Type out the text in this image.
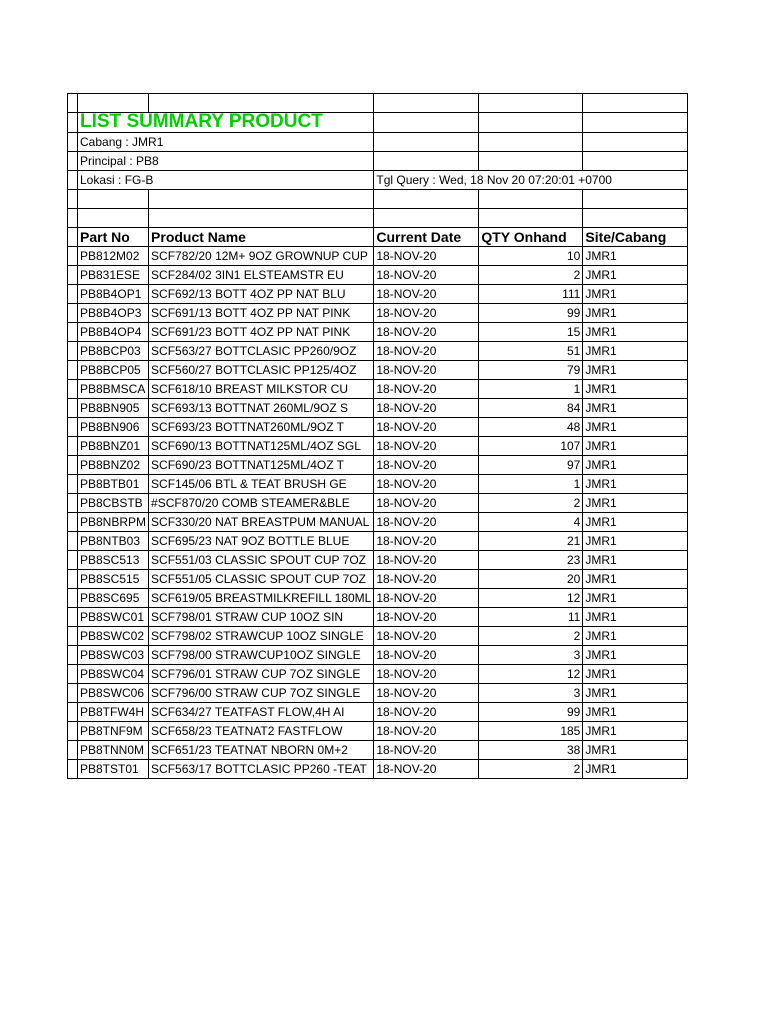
	LIST SUMMARY PRODUCT				
	Cabang : JMR1				
	Principal : PB8				
	Lokasi : FG-B		Tgl Query : Wed, 18 Nov 20 07:20:01 +0700		

	Part No	Product Name	Current Date	QTY Onhand	Site/Cabang
	PB812M02	SCF782/20 12M+ 9OZ GROWNUP CUP	18-NOV-20	10	JMR1
	PB831ESE	SCF284/02 3IN1 ELSTEAMSTR EU	18-NOV-20	2	JMR1
	PB8B4OP1	SCF692/13 BOTT 4OZ PP NAT BLU	18-NOV-20	111	JMR1
	PB8B4OP3	SCF691/13 BOTT 4OZ PP NAT PINK	18-NOV-20	99	JMR1
	PB8B4OP4	SCF691/23 BOTT 4OZ PP NAT PINK	18-NOV-20	15	JMR1
	PB8BCP03	SCF563/27 BOTTCLASIC PP260/9OZ	18-NOV-20	51	JMR1
	PB8BCP05	SCF560/27 BOTTCLASIC PP125/4OZ	18-NOV-20	79	JMR1
	PB8BMSCA	SCF618/10 BREAST MILKSTOR CU	18-NOV-20	1	JMR1
	PB8BN905	SCF693/13 BOTTNAT 260ML/9OZ S	18-NOV-20	84	JMR1
	PB8BN906	SCF693/23 BOTTNAT260ML/9OZ T	18-NOV-20	48	JMR1
	PB8BNZ01	SCF690/13 BOTTNAT125ML/4OZ SGL	18-NOV-20	107	JMR1
	PB8BNZ02	SCF690/23 BOTTNAT125ML/4OZ T	18-NOV-20	97	JMR1
	PB8BTB01	SCF145/06 BTL & TEAT BRUSH GE	18-NOV-20	1	JMR1
	PB8CBSTB	#SCF870/20 COMB STEAMER&BLE	18-NOV-20	2	JMR1
	PB8NBRPM	SCF330/20 NAT BREASTPUM MANUAL	18-NOV-20	4	JMR1
	PB8NTB03	SCF695/23 NAT 9OZ BOTTLE BLUE	18-NOV-20	21	JMR1
	PB8SC513	SCF551/03 CLASSIC SPOUT CUP 7OZ	18-NOV-20	23	JMR1
	PB8SC515	SCF551/05 CLASSIC SPOUT CUP 7OZ	18-NOV-20	20	JMR1
	PB8SC695	SCF619/05 BREASTMILKREFILL 180ML	18-NOV-20	12	JMR1
	PB8SWC01	SCF798/01 STRAW CUP 10OZ SIN	18-NOV-20	11	JMR1
	PB8SWC02	SCF798/02 STRAWCUP 10OZ SINGLE	18-NOV-20	2	JMR1
	PB8SWC03	SCF798/00 STRAWCUP10OZ SINGLE	18-NOV-20	3	JMR1
	PB8SWC04	SCF796/01 STRAW CUP 7OZ SINGLE	18-NOV-20	12	JMR1
	PB8SWC06	SCF796/00 STRAW CUP 7OZ SINGLE	18-NOV-20	3	JMR1
	PB8TFW4H	SCF634/27 TEATFAST FLOW,4H AI	18-NOV-20	99	JMR1
	PB8TNF9M	SCF658/23 TEATNAT2 FASTFLOW	18-NOV-20	185	JMR1
	PB8TNN0M	SCF651/23 TEATNAT NBORN 0M+2	18-NOV-20	38	JMR1
	PB8TST01	SCF563/17 BOTTCLASIC PP260 -TEAT	18-NOV-20	2	JMR1
